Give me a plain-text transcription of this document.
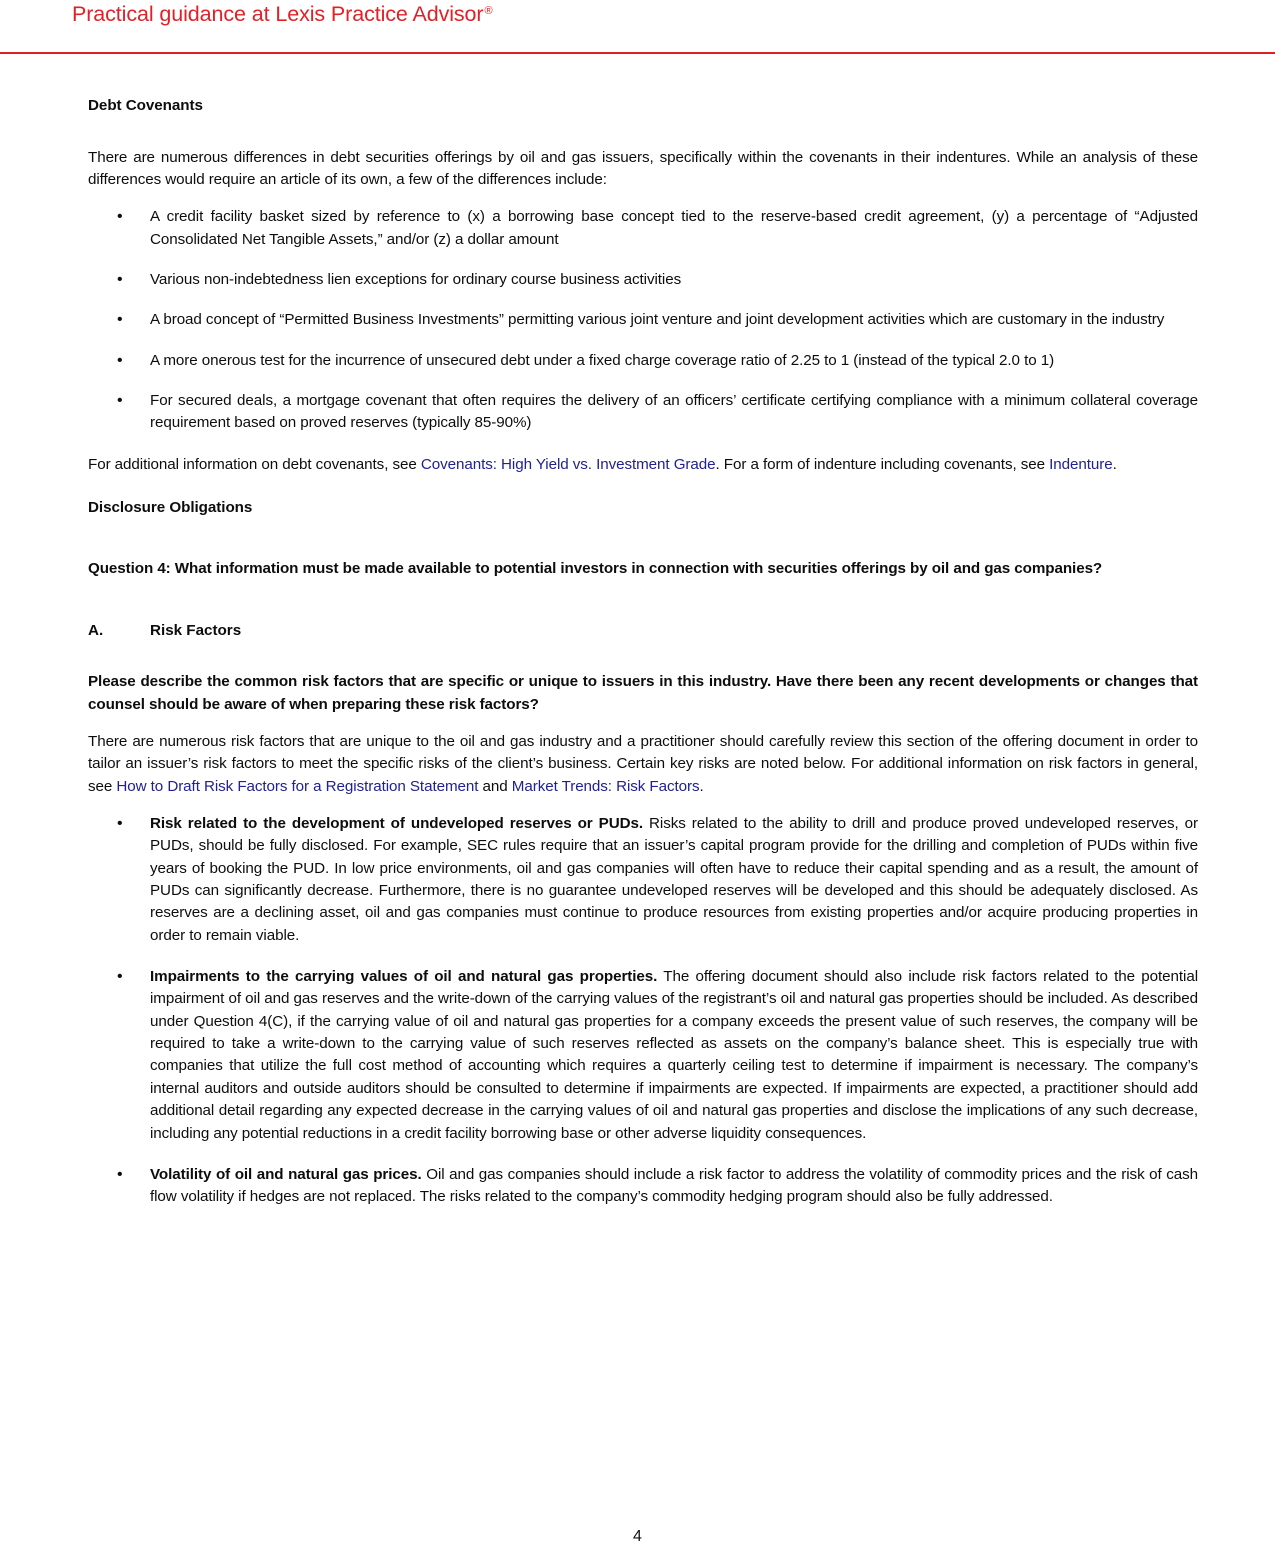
Practical guidance at Lexis Practice Advisor®
Debt Covenants

There are numerous differences in debt securities offerings by oil and gas issuers, specifically within the covenants in their indentures. While an analysis of these differences would require an article of its own, a few of the differences include:

• A credit facility basket sized by reference to (x) a borrowing base concept tied to the reserve-based credit agreement, (y) a percentage of “Adjusted Consolidated Net Tangible Assets,” and/or (z) a dollar amount
• Various non-indebtedness lien exceptions for ordinary course business activities
• A broad concept of “Permitted Business Investments” permitting various joint venture and joint development activities which are customary in the industry
• A more onerous test for the incurrence of unsecured debt under a fixed charge coverage ratio of 2.25 to 1 (instead of the typical 2.0 to 1)
• For secured deals, a mortgage covenant that often requires the delivery of an officers’ certificate certifying compliance with a minimum collateral coverage requirement based on proved reserves (typically 85-90%)

For additional information on debt covenants, see Covenants: High Yield vs. Investment Grade. For a form of indenture including covenants, see Indenture.

Disclosure Obligations

Question 4: What information must be made available to potential investors in connection with securities offerings by oil and gas companies?

A.	Risk Factors

Please describe the common risk factors that are specific or unique to issuers in this industry. Have there been any recent developments or changes that counsel should be aware of when preparing these risk factors?

There are numerous risk factors that are unique to the oil and gas industry and a practitioner should carefully review this section of the offering document in order to tailor an issuer’s risk factors to meet the specific risks of the client’s business. Certain key risks are noted below. For additional information on risk factors in general, see How to Draft Risk Factors for a Registration Statement and Market Trends: Risk Factors.

• Risk related to the development of undeveloped reserves or PUDs. Risks related to the ability to drill and produce proved undeveloped reserves, or PUDs, should be fully disclosed. For example, SEC rules require that an issuer’s capital program provide for the drilling and completion of PUDs within five years of booking the PUD. In low price environments, oil and gas companies will often have to reduce their capital spending and as a result, the amount of PUDs can significantly decrease. Furthermore, there is no guarantee undeveloped reserves will be developed and this should be adequately disclosed. As reserves are a declining asset, oil and gas companies must continue to produce resources from existing properties and/or acquire producing properties in order to remain viable.
• Impairments to the carrying values of oil and natural gas properties. The offering document should also include risk factors related to the potential impairment of oil and gas reserves and the write-down of the carrying values of the registrant’s oil and natural gas properties should be included. As described under Question 4(C), if the carrying value of oil and natural gas properties for a company exceeds the present value of such reserves, the company will be required to take a write-down to the carrying value of such reserves reflected as assets on the company’s balance sheet. This is especially true with companies that utilize the full cost method of accounting which requires a quarterly ceiling test to determine if impairment is necessary. The company’s internal auditors and outside auditors should be consulted to determine if impairments are expected. If impairments are expected, a practitioner should add additional detail regarding any expected decrease in the carrying values of oil and natural gas properties and disclose the implications of any such decrease, including any potential reductions in a credit facility borrowing base or other adverse liquidity consequences.
• Volatility of oil and natural gas prices. Oil and gas companies should include a risk factor to address the volatility of commodity prices and the risk of cash flow volatility if hedges are not replaced. The risks related to the company’s commodity hedging program should also be fully addressed.
4
